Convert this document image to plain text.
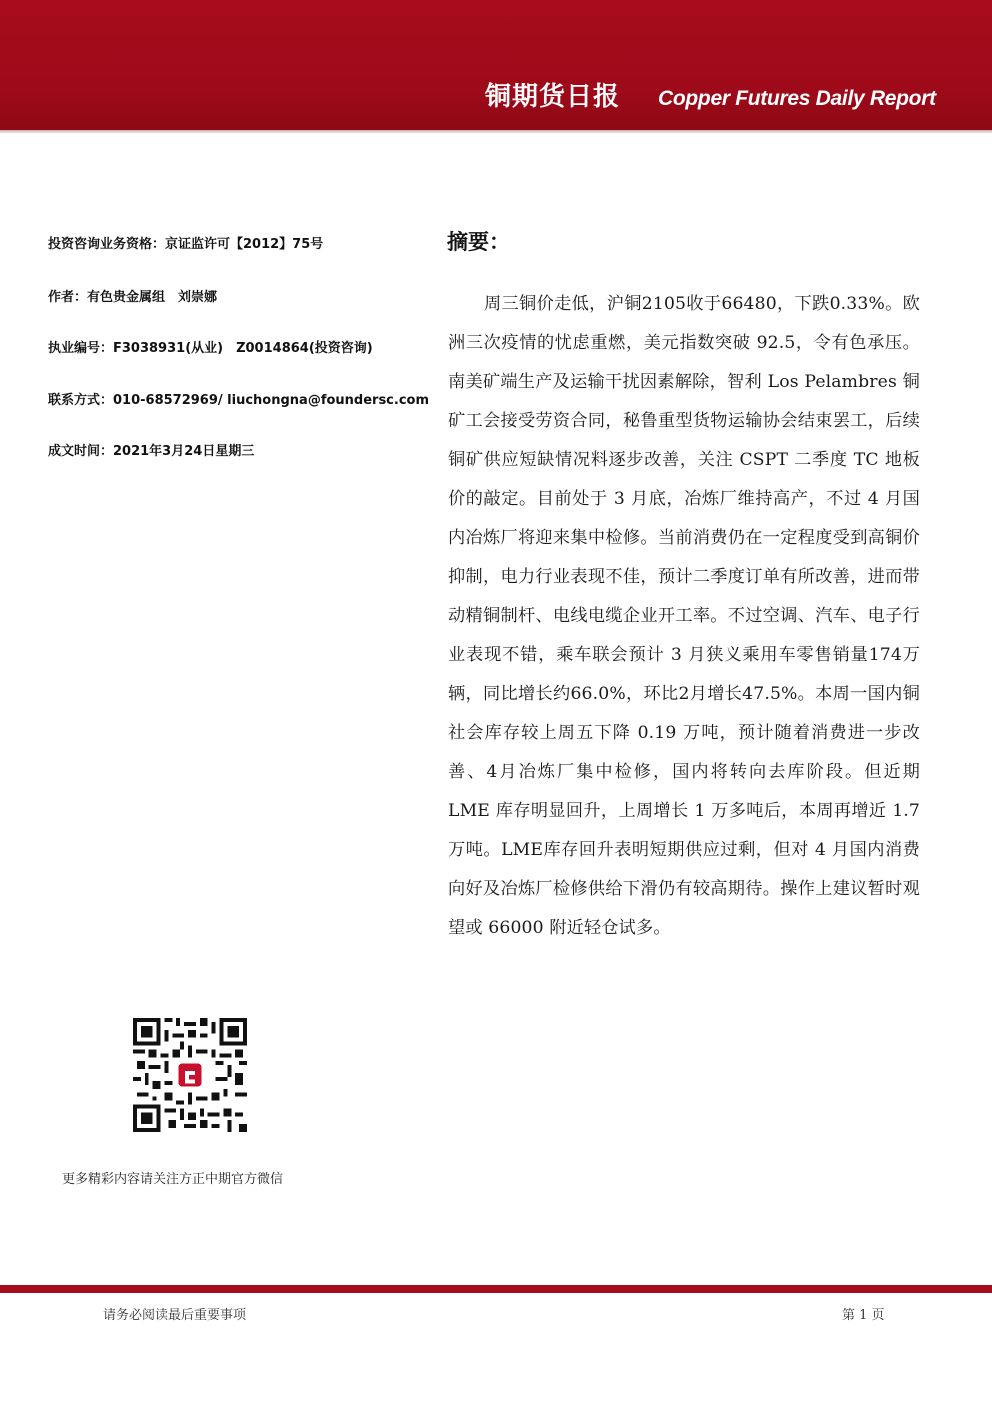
铜期货日报 Copper Futures Daily Report
投资咨询业务资格：京证监许可【2012】75号
作者：有色贵金属组　刘崇娜
执业编号：F3038931(从业)　Z0014864(投资咨询)
联系方式：010-68572969/ liuchongna@foundersc.com
成文时间：2021年3月24日星期三
摘要：
周三铜价走低，沪铜2105收于66480，下跌0.33%。欧洲三次疫情的忧虑重燃，美元指数突破 92.5，令有色承压。南美矿端生产及运输干扰因素解除，智利 Los Pelambres 铜矿工会接受劳资合同，秘鲁重型货物运输协会结束罢工，后续铜矿供应短缺情况料逐步改善，关注 CSPT 二季度 TC 地板价的敲定。目前处于 3 月底，冶炼厂维持高产，不过 4 月国内冶炼厂将迎来集中检修。当前消费仍在一定程度受到高铜价抑制，电力行业表现不佳，预计二季度订单有所改善，进而带动精铜制杆、电线电缆企业开工率。不过空调、汽车、电子行业表现不错，乘车联会预计 3 月狭义乘用车零售销量174万辆，同比增长约66.0%，环比2月增长47.5%。本周一国内铜社会库存较上周五下降 0.19 万吨，预计随着消费进一步改善、4月冶炼厂集中检修，国内将转向去库阶段。但近期 LME 库存明显回升，上周增长 1 万多吨后，本周再增近 1.7 万吨。LME库存回升表明短期供应过剩，但对 4 月国内消费向好及冶炼厂检修供给下滑仍有较高期待。操作上建议暂时观望或 66000 附近轻仓试多。
更多精彩内容请关注方正中期官方微信
请务必阅读最后重要事项	第 1 页
